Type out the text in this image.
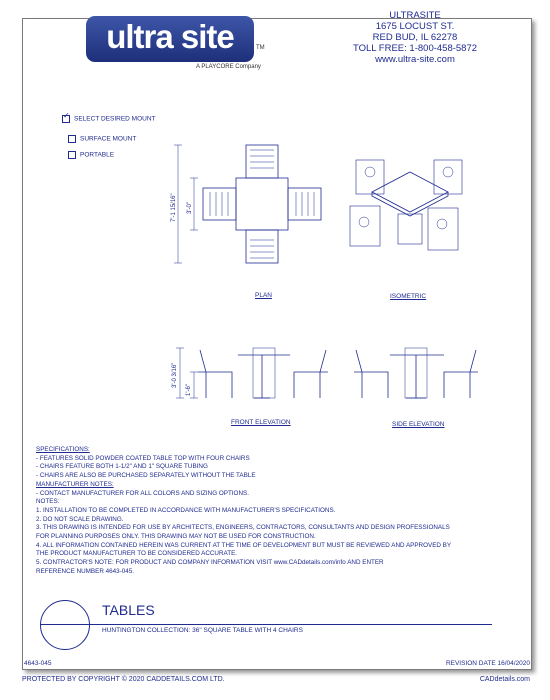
ultra site	TM
A PLAYCORE Company
ULTRASITE
1675 LOCUST ST.
RED BUD, IL 62278
TOLL FREE: 1-800-458-5872
www.ultra-site.com
✓SELECT DESIRED MOUNT
SURFACE MOUNT
PORTABLE
7'-1 15/16" 3'-0"
3'-0 3/16"
1'-6"
PLAN	ISOMETRIC
FRONT ELEVATION	SIDE ELEVATION
SPECIFICATIONS:
- FEATURES SOLID POWDER COATED TABLE TOP WITH FOUR CHAIRS
- CHAIRS FEATURE BOTH 1-1/2" AND 1" SQUARE TUBING
- CHAIRS ARE ALSO BE PURCHASED SEPARATELY WITHOUT THE TABLE
MANUFACTURER NOTES:
- CONTACT MANUFACTURER FOR ALL COLORS AND SIZING OPTIONS.
NOTES:
1. INSTALLATION TO BE COMPLETED IN ACCORDANCE WITH MANUFACTURER'S SPECIFICATIONS.
2. DO NOT SCALE DRAWING.
3. THIS DRAWING IS INTENDED FOR USE BY ARCHITECTS, ENGINEERS, CONTRACTORS, CONSULTANTS AND DESIGN PROFESSIONALS
FOR PLANNING PURPOSES ONLY. THIS DRAWING MAY NOT BE USED FOR CONSTRUCTION.
4. ALL INFORMATION CONTAINED HEREIN WAS CURRENT AT THE TIME OF DEVELOPMENT BUT MUST BE REVIEWED AND APPROVED BY
THE PRODUCT MANUFACTURER TO BE CONSIDERED ACCURATE.
5. CONTRACTOR'S NOTE: FOR PRODUCT AND COMPANY INFORMATION VISIT www.CADdetails.com/info AND ENTER
REFERENCE NUMBER 4643-045.
TABLES
HUNTINGTON COLLECTION: 36" SQUARE TABLE WITH 4 CHAIRS
4643-045	REVISION DATE 16/04/2020
PROTECTED BY COPYRIGHT © 2020 CADDETAILS.COM LTD.	CADdetails.com
